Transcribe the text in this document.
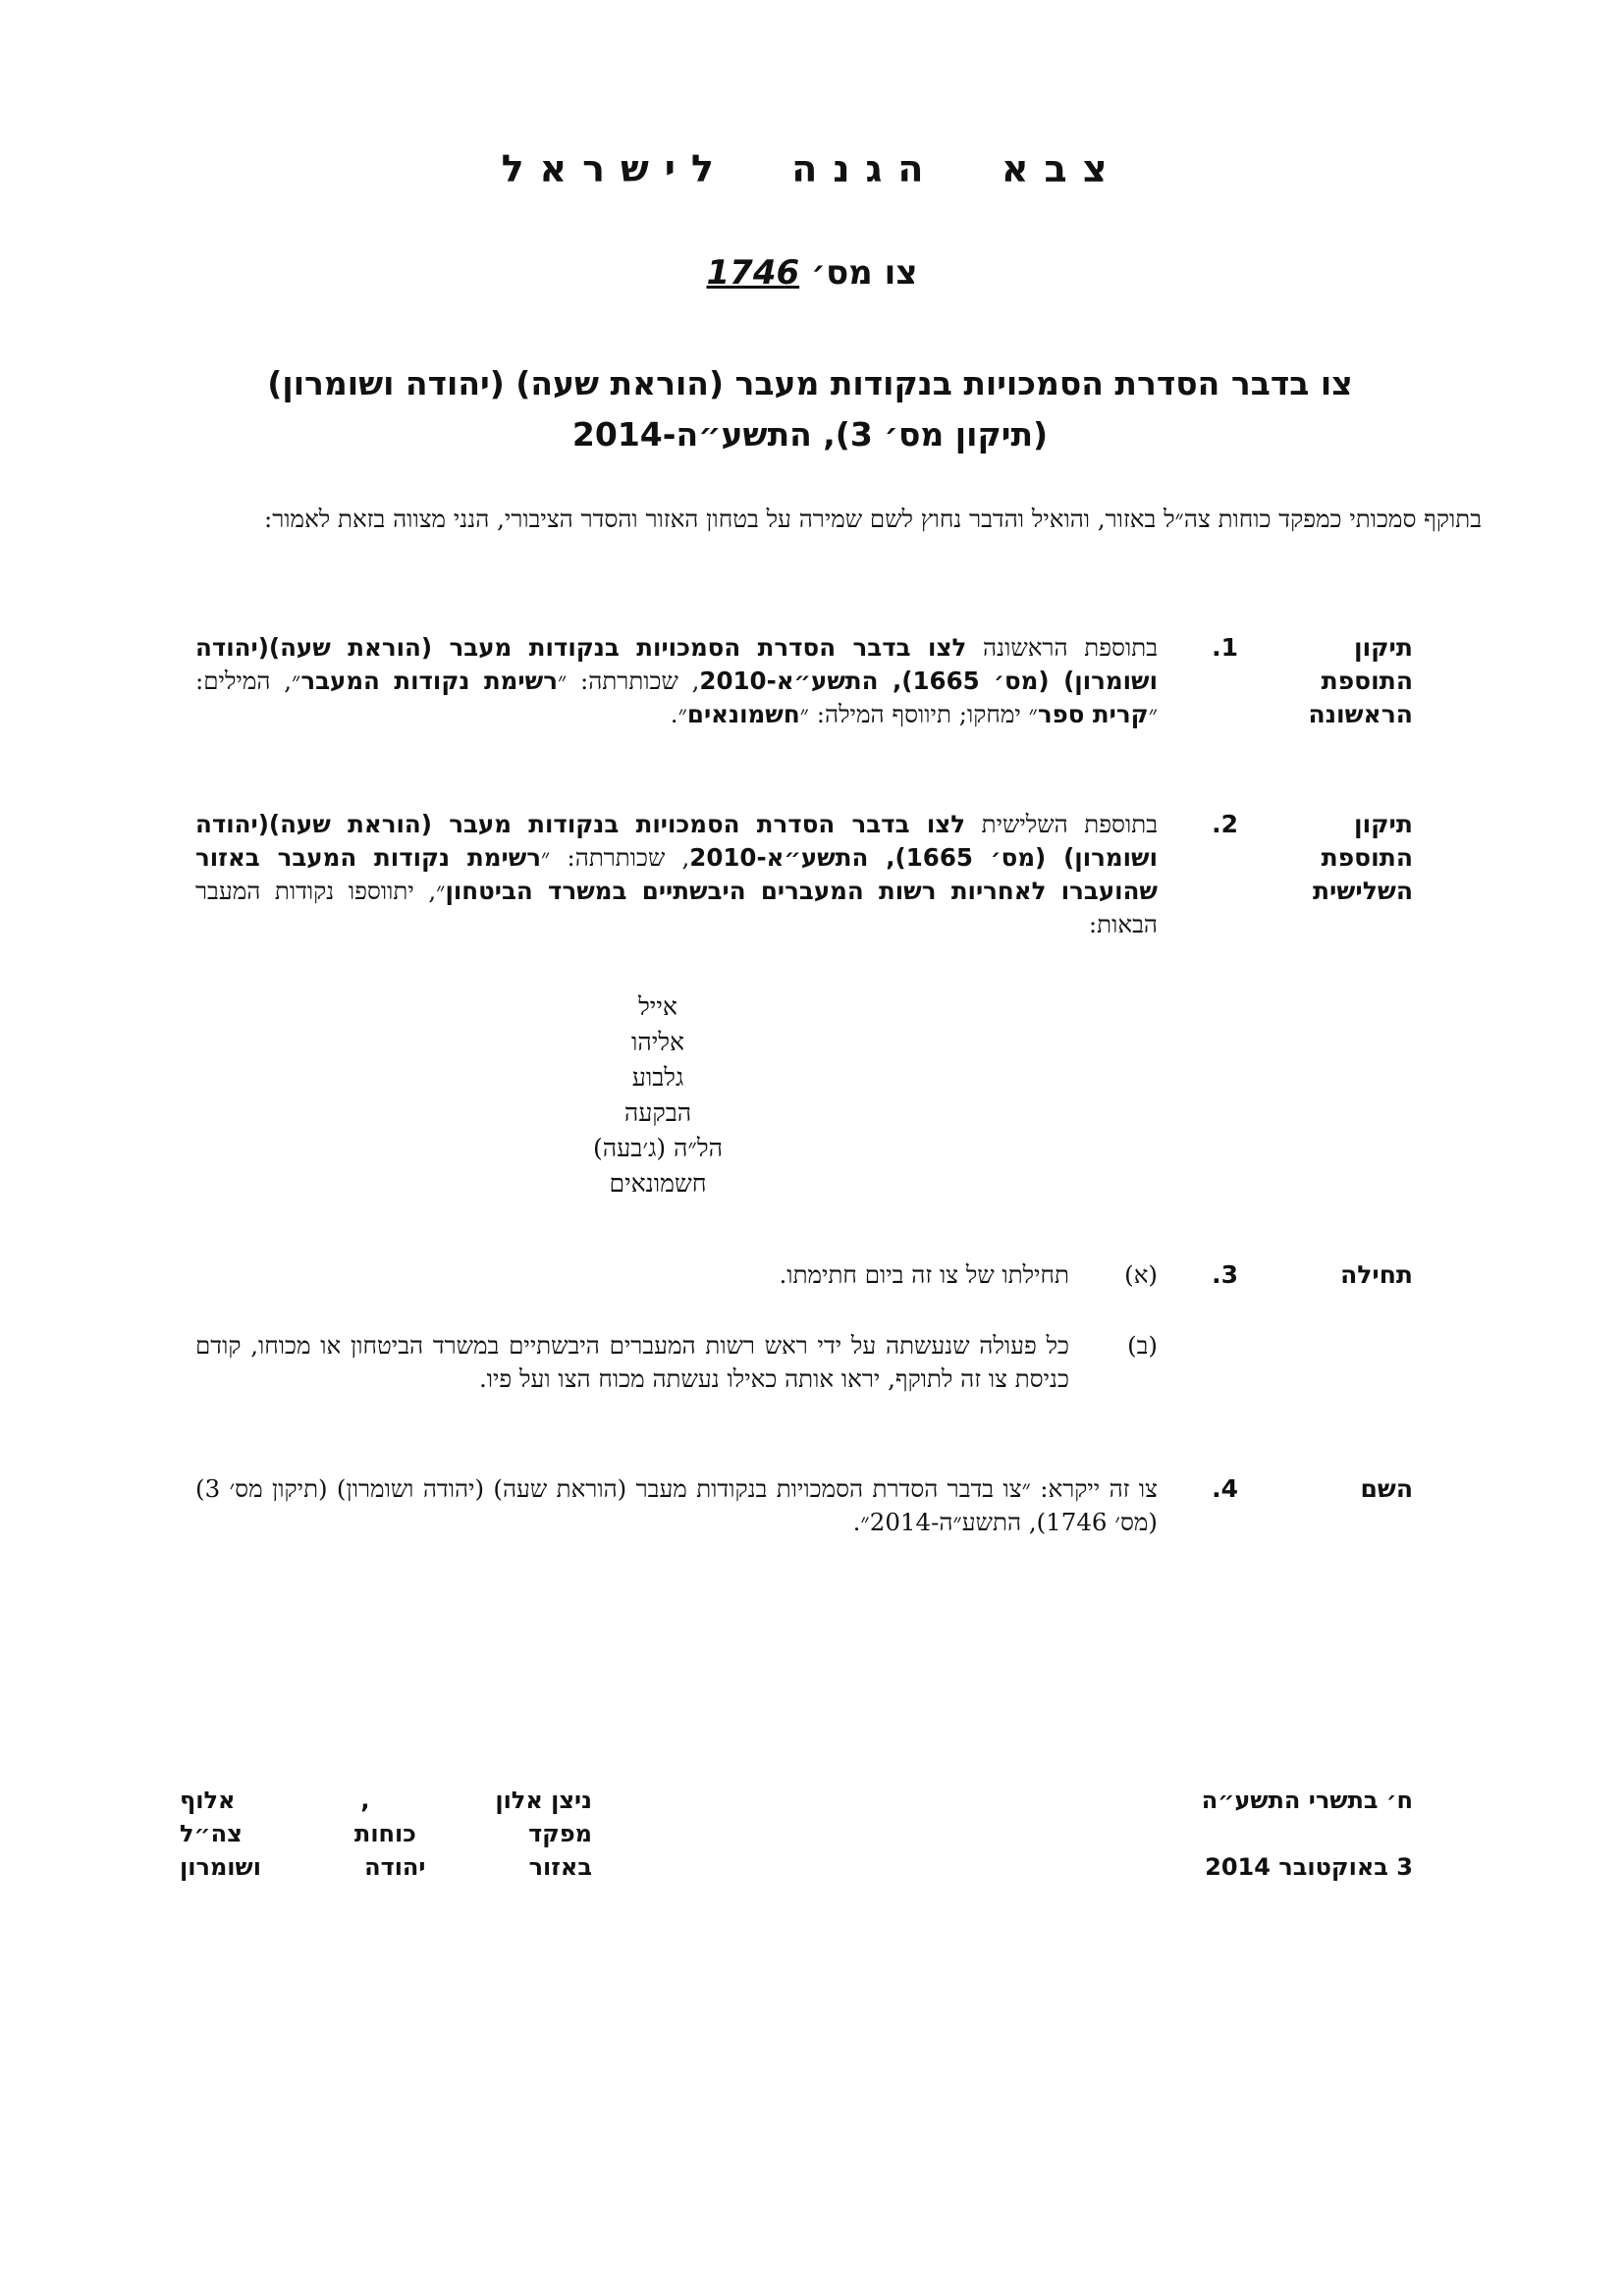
צבא הגנה לישראל
צו מס׳ 1746
צו בדבר הסדרת הסמכויות בנקודות מעבר (הוראת שעה) (יהודה ושומרון)
(תיקון מס׳ 3), התשע״ה-2014
בתוקף סמכותי כמפקד כוחות צה״ל באזור, והואיל והדבר נחוץ לשם שמירה על בטחון האזור והסדר הציבורי, הנני מצווה בזאת לאמור:
תיקון התוספת הראשונה
1.
בתוספת הראשונה לצו בדבר הסדרת הסמכויות בנקודות מעבר (הוראת שעה)(יהודה ושומרון) (מס׳ 1665), התשע״א-2010, שכותרתה: ״רשימת נקודות המעבר״, המילים: ״קרית ספר״ ימחקו; תיווסף המילה: ״חשמונאים״.
תיקון התוספת השלישית
2.
בתוספת השלישית לצו בדבר הסדרת הסמכויות בנקודות מעבר (הוראת שעה)(יהודה ושומרון) (מס׳ 1665), התשע״א-2010, שכותרתה: ״רשימת נקודות המעבר באזור שהועברו לאחריות רשות המעברים היבשתיים במשרד הביטחון״, יתווספו נקודות המעבר הבאות:
אייל
אליהו
גלבוע
הבקעה
הל״ה (ג׳בעה)
חשמונאים
תחילה
3.
(א)
תחילתו של צו זה ביום חתימתו.
(ב)
כל פעולה שנעשתה על ידי ראש רשות המעברים היבשתיים במשרד הביטחון או מכוחו, קודם כניסת צו זה לתוקף, יראו אותה כאילו נעשתה מכוח הצו ועל פיו.
השם
4.
צו זה ייקרא: ״צו בדבר הסדרת הסמכויות בנקודות מעבר (הוראת שעה) (יהודה ושומרון) (תיקון מס׳ 3) (מס׳ 1746), התשע״ה-2014״.
ניצן אלון
,
אלוף
מפקד
כוחות
צה״ל
באזור
יהודה
ושומרון
ח׳ בתשרי התשע״ה
3 באוקטובר 2014
